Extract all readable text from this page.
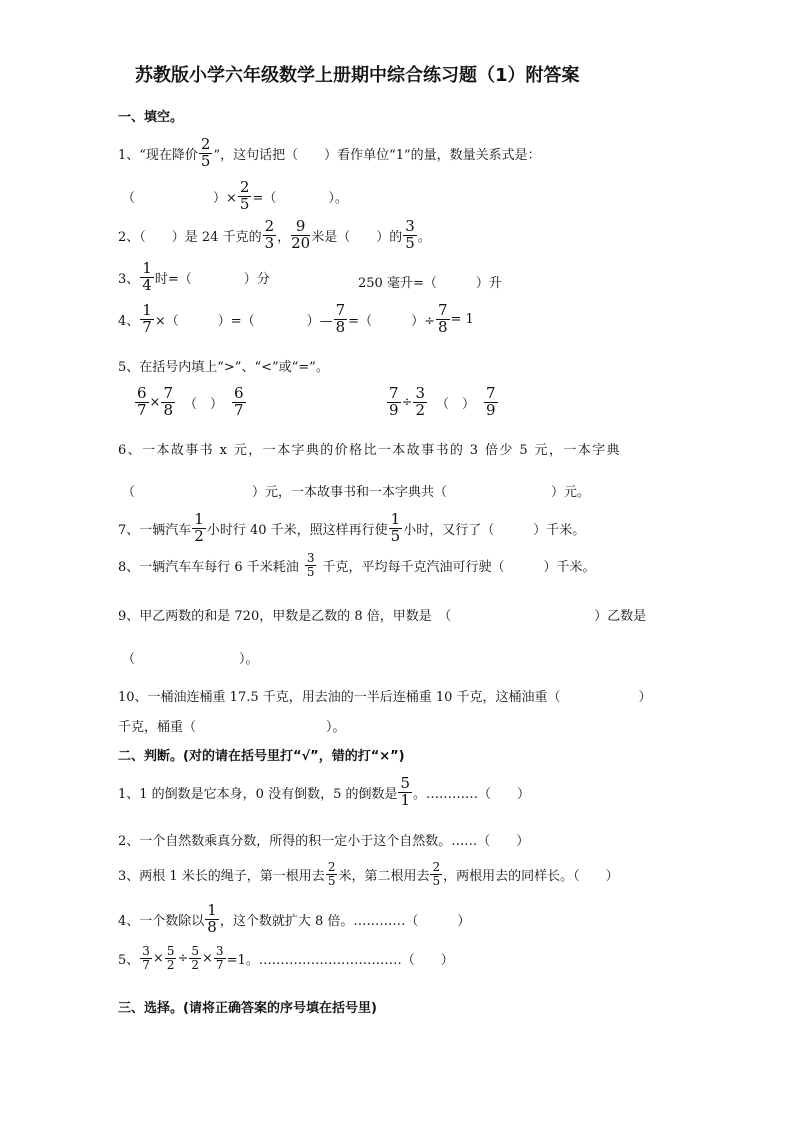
苏教版小学六年级数学上册期中综合练习题（1）附答案
一、填空。
1、“现在降价
2
5 ”，这句话把（　　）看作单位“1”的量，数量关系式是：
（　　　　　　）× $\frac{2}{5}$ =（　　　　）。
2、（　　）是 24 千克的
2
3 ，
9
20 米是（　　）的
3
5 。
3、
1
4 时=（　　　　）分	250 毫升=（　　　）升
4、 $\frac{1}{7}$ ×（　　　）=（　　　　）— $\frac{7}{8}$ =（　　　）÷ $\frac{7}{8} = 1$
5、在括号内填上“>”、“<”或“=”。
$\frac{6}{7} \times \frac{7}{8}$ （　）
6
7	$\frac{7}{9} \div \frac{3}{2}$ （　）
7
9
6、一本故事书 x 元，一本字典的价格比一本故事书的 3 倍少 5 元，一本字典
（　　　　　　　　　）元，一本故事书和一本字典共（　　　　　　　　）元。
7、一辆汽车
1
2 小时行 40 千米，照这样再行使
1
5 小时，又行了（　　　）千米。
8、一辆汽车车每行 6 千米耗油
3
5 千克，平均每千克汽油可行驶（　　　）千米。
9、甲乙两数的和是 720，甲数是乙数的 8 倍，甲数是　（　　　　　　　　　　　）乙数是
（　　　　　　　　）。
10、一桶油连桶重 17.5 千克，用去油的一半后连桶重 10 千克，这桶油重（　　　　　　）
千克，桶重（　　　　　　　　　　）。
二、判断。(对的请在括号里打“√”，错的打“×”)
1、1 的倒数是它本身，0 没有倒数，5 的倒数是
5
1 。…………（　　）
2、一个自然数乘真分数，所得的积一定小于这个自然数。……（　　）
3、两根 1 米长的绳子，第一根用去
2
5 米，第二根用去
2
5 ，两根用去的同样长。（　　）
4、一个数除以
1
8 ，这个数就扩大 8 倍。…………（　　　）
5、 $\frac{3}{7} \times \frac{5}{2} \div \frac{5}{2} \times \frac{3}{7} =1$。……………………………（　　）
三、选择。(请将正确答案的序号填在括号里)
